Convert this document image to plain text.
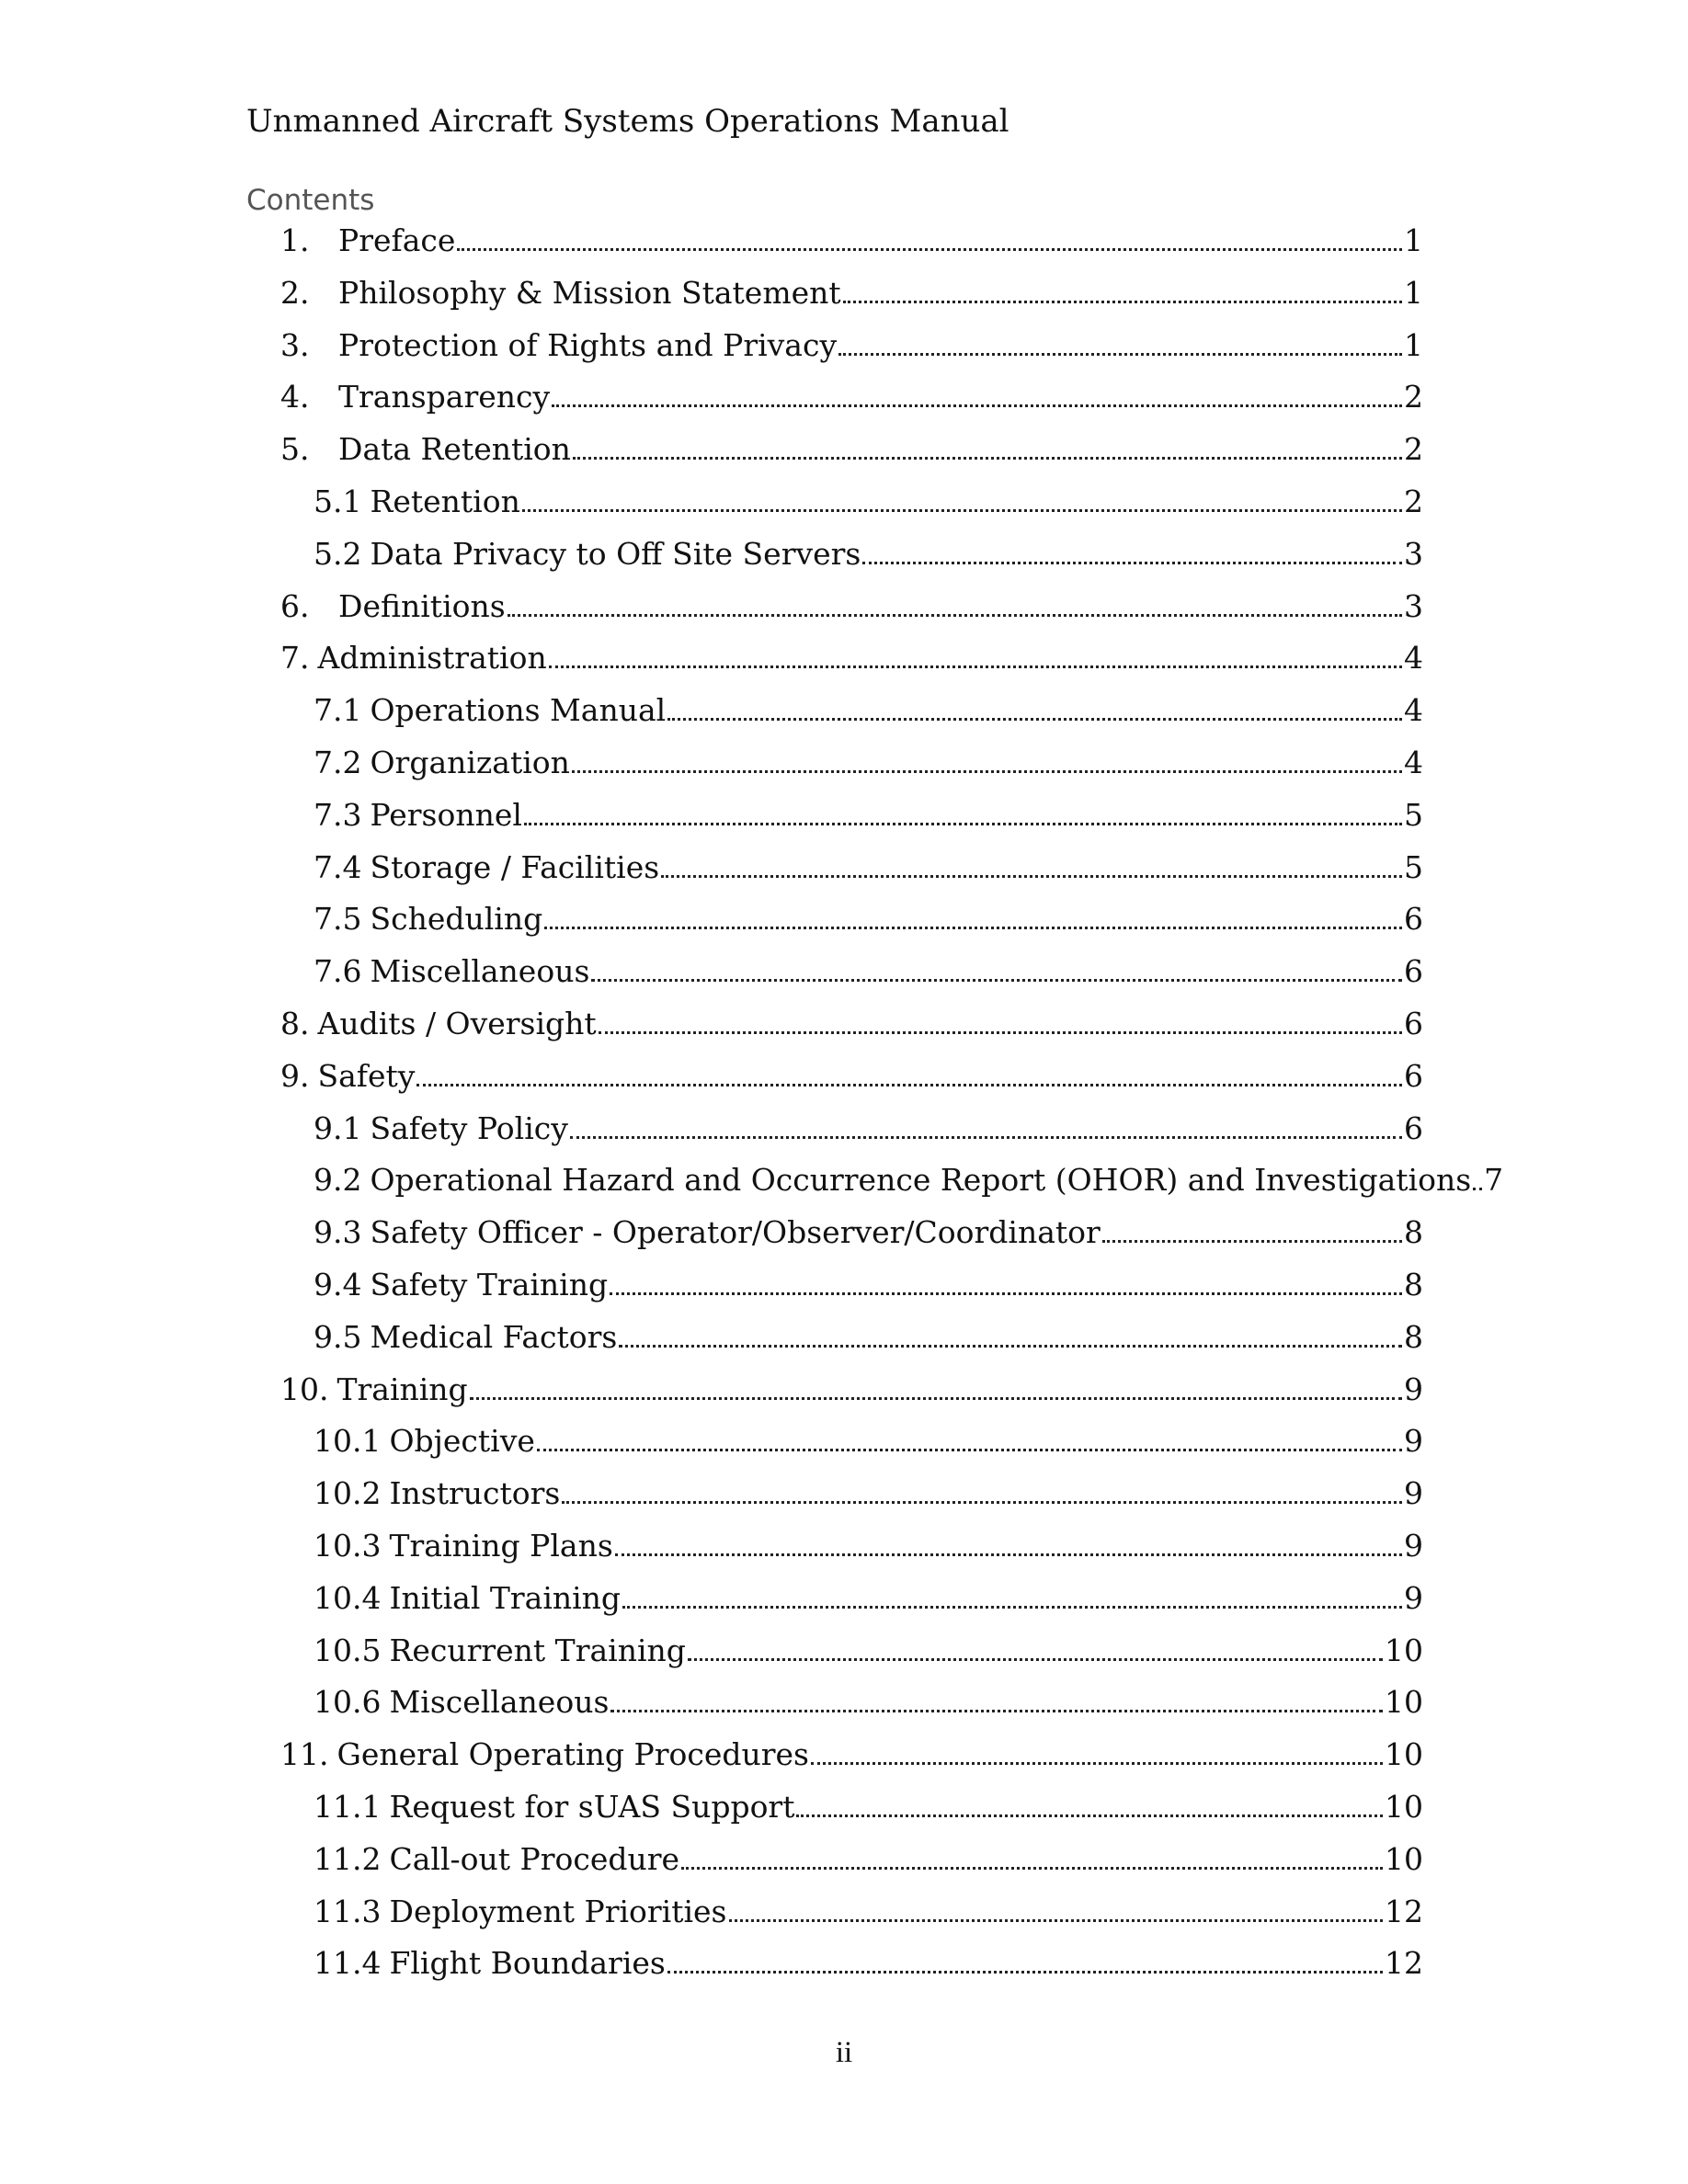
Unmanned Aircraft Systems Operations Manual
Contents
1. Preface	1
2. Philosophy & Mission Statement	1
3. Protection of Rights and Privacy	1
4. Transparency	2
5. Data Retention	2
5.1 Retention	2
5.2 Data Privacy to Off Site Servers	3
6. Definitions	3
7. Administration	4
7.1 Operations Manual	4
7.2 Organization	4
7.3 Personnel	5
7.4 Storage / Facilities	5
7.5 Scheduling	6
7.6 Miscellaneous	6
8. Audits / Oversight	6
9. Safety	6
9.1 Safety Policy	6
9.2 Operational Hazard and Occurrence Report (OHOR) and Investigations 7
9.3 Safety Officer - Operator/Observer/Coordinator	8
9.4 Safety Training	8
9.5 Medical Factors	8
10. Training	9
10.1 Objective	9
10.2 Instructors	9
10.3 Training Plans	9
10.4 Initial Training	9
10.5 Recurrent Training	10
10.6 Miscellaneous	10
11. General Operating Procedures	10
11.1 Request for sUAS Support	10
11.2 Call-out Procedure	10
11.3 Deployment Priorities	12
11.4 Flight Boundaries	12
ii
